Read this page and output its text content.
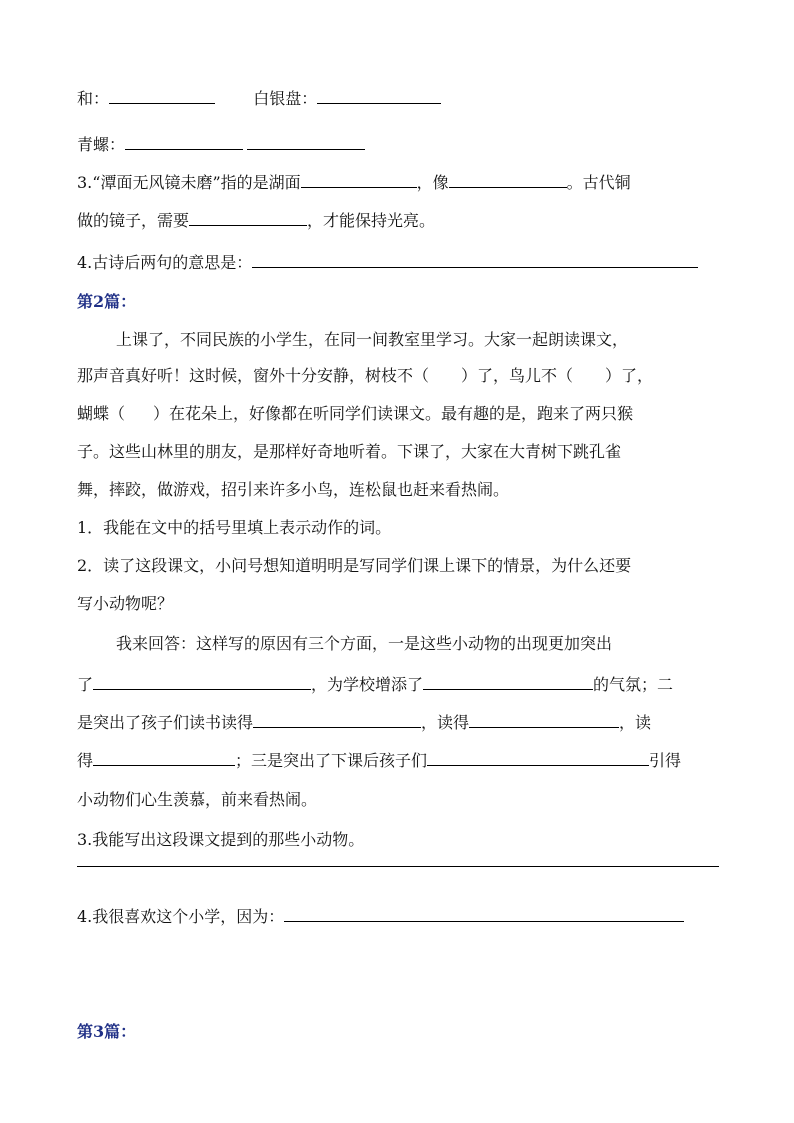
和：	白银盘：
青螺：
3.“潭面无风镜未磨”指的是湖面	，像	。古代铜
做的镜子，需要	，才能保持光亮。
4.古诗后两句的意思是：
第2篇：
上课了，不同民族的小学生，在同一间教室里学习。大家一起朗读课文，
那声音真好听！这时候，窗外十分安静，树枝不（ ）了，鸟儿不（ ）了，
蝴蝶（ ）在花朵上，好像都在听同学们读课文。最有趣的是，跑来了两只猴
子。这些山林里的朋友，是那样好奇地听着。下课了，大家在大青树下跳孔雀
舞，摔跤，做游戏，招引来许多小鸟，连松鼠也赶来看热闹。
1．我能在文中的括号里填上表示动作的词。
2．读了这段课文，小问号想知道明明是写同学们课上课下的情景，为什么还要
写小动物呢？
我来回答：这样写的原因有三个方面，一是这些小动物的出现更加突出
了	，为学校增添了	的气氛；二
是突出了孩子们读书读得	，读得	，读
得	；三是突出了下课后孩子们	引得
小动物们心生羡慕，前来看热闹。
3.我能写出这段课文提到的那些小动物。
4.我很喜欢这个小学，因为：
第3篇：
